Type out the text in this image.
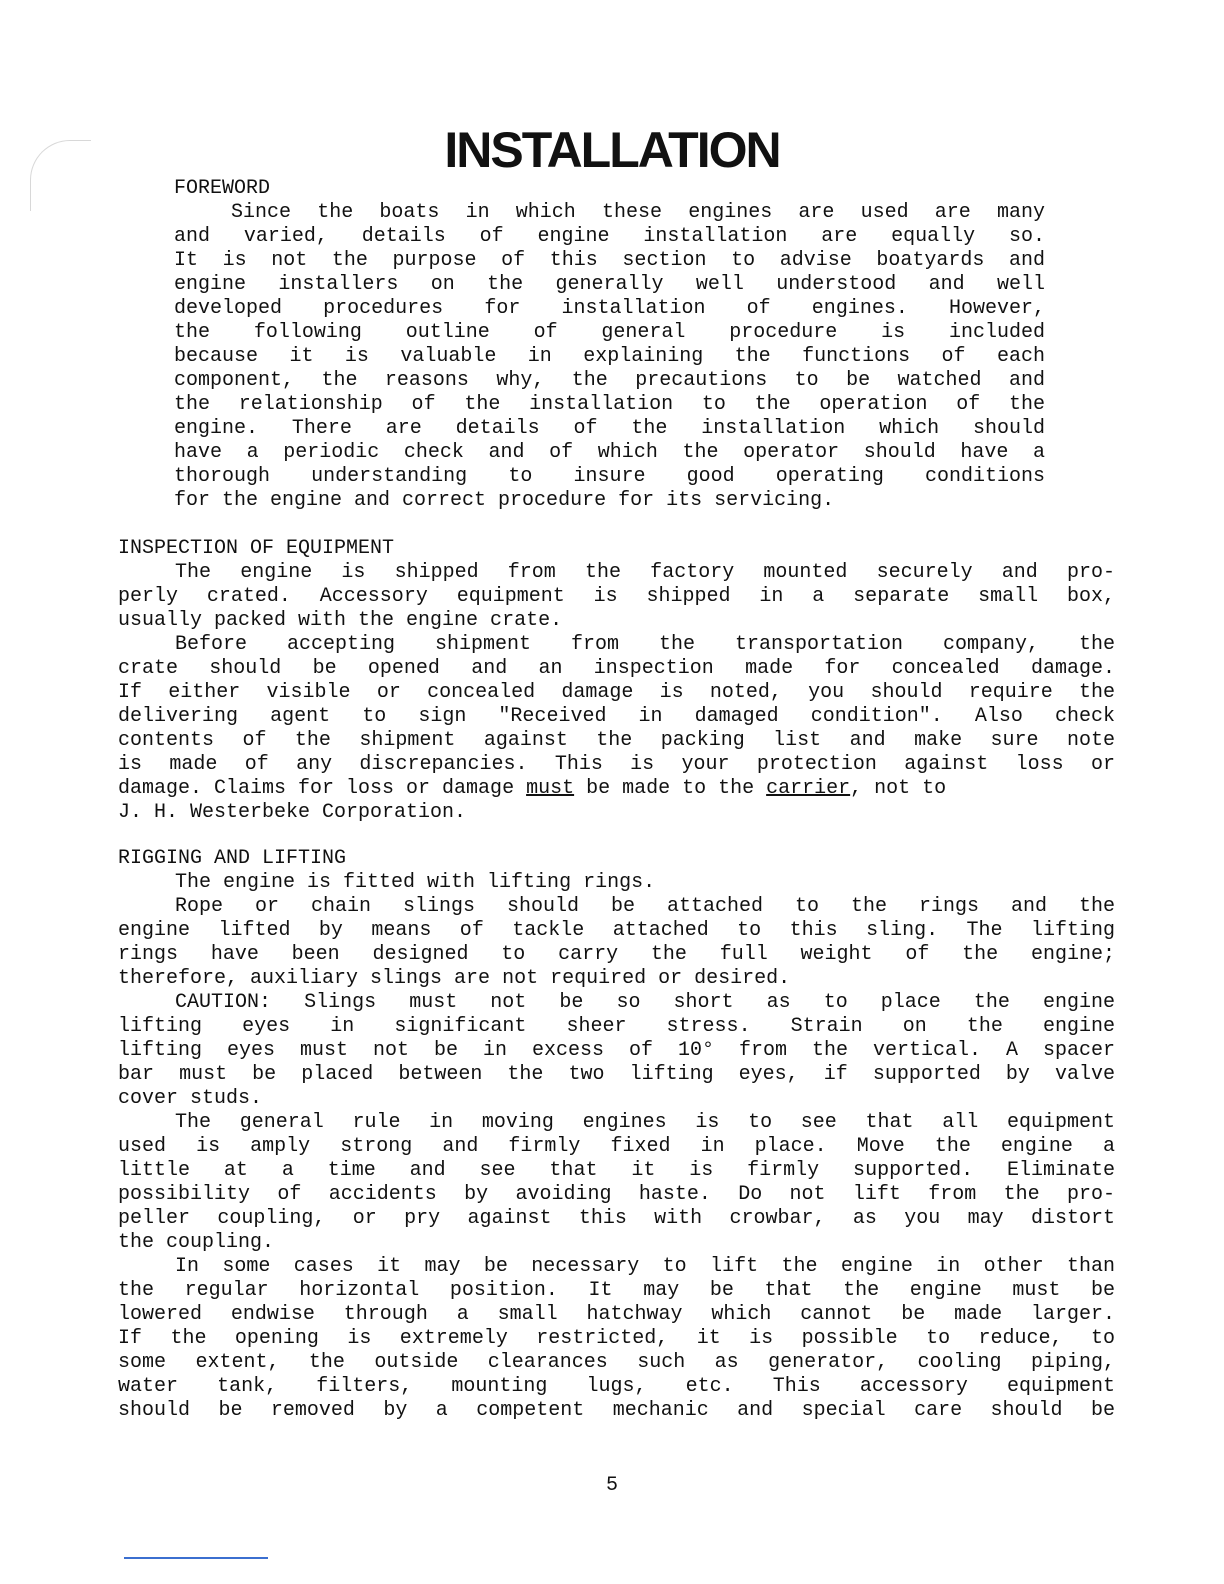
INSTALLATION
FOREWORD
Since the boats in which these engines are used are many
and varied, details of engine installation are equally so.
It is not the purpose of this section to advise boatyards and
engine installers on the generally well understood and well
developed procedures for installation of engines. However,
the following outline of general procedure is included
because it is valuable in explaining the functions of each
component, the reasons why, the precautions to be watched and
the relationship of the installation to the operation of the
engine. There are details of the installation which should
have a periodic check and of which the operator should have a
thorough understanding to insure good operating conditions
for the engine and correct procedure for its servicing.
INSPECTION OF EQUIPMENT
The engine is shipped from the factory mounted securely and pro-
perly crated. Accessory equipment is shipped in a separate small box,
usually packed with the engine crate.
Before accepting shipment from the transportation company, the
crate should be opened and an inspection made for concealed damage.
If either visible or concealed damage is noted, you should require the
delivering agent to sign "Received in damaged condition". Also check
contents of the shipment against the packing list and make sure note
is made of any discrepancies. This is your protection against loss or
damage. Claims for loss or damage must be made to the carrier, not to
J. H. Westerbeke Corporation.
RIGGING AND LIFTING
The engine is fitted with lifting rings.
Rope or chain slings should be attached to the rings and the
engine lifted by means of tackle attached to this sling. The lifting
rings have been designed to carry the full weight of the engine;
therefore, auxiliary slings are not required or desired.
CAUTION: Slings must not be so short as to place the engine
lifting eyes in significant sheer stress. Strain on the engine
lifting eyes must not be in excess of 10° from the vertical. A spacer
bar must be placed between the two lifting eyes, if supported by valve
cover studs.
The general rule in moving engines is to see that all equipment
used is amply strong and firmly fixed in place. Move the engine a
little at a time and see that it is firmly supported. Eliminate
possibility of accidents by avoiding haste. Do not lift from the pro-
peller coupling, or pry against this with crowbar, as you may distort
the coupling.
In some cases it may be necessary to lift the engine in other than
the regular horizontal position. It may be that the engine must be
lowered endwise through a small hatchway which cannot be made larger.
If the opening is extremely restricted, it is possible to reduce, to
some extent, the outside clearances such as generator, cooling piping,
water tank, filters, mounting lugs, etc. This accessory equipment
should be removed by a competent mechanic and special care should be
5
